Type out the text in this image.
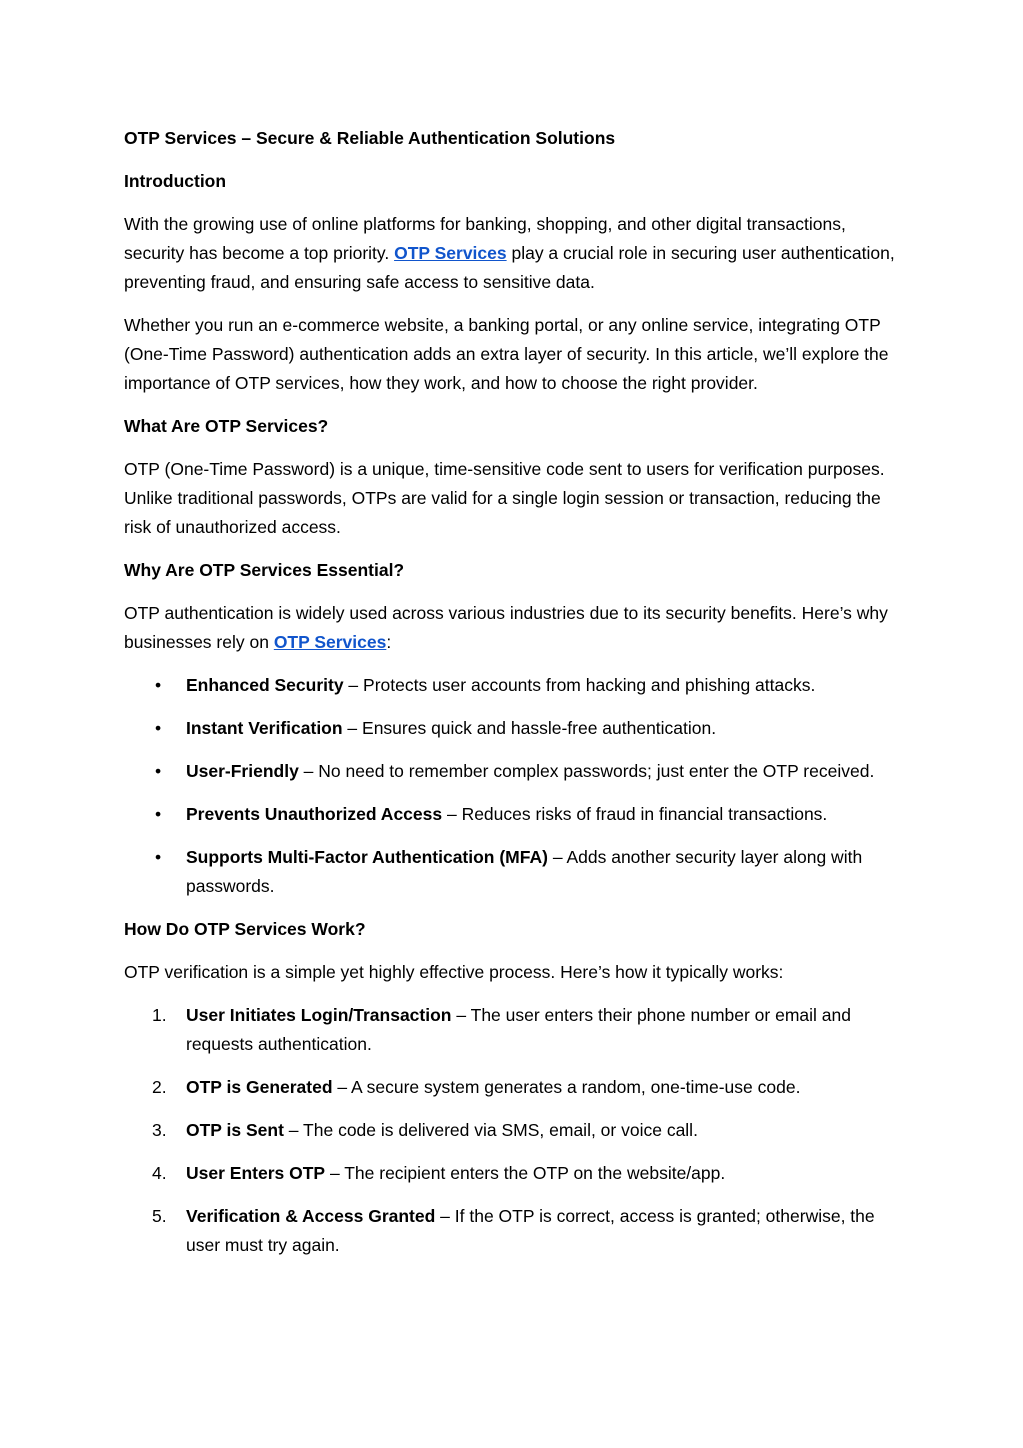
OTP Services – Secure & Reliable Authentication Solutions

Introduction

With the growing use of online platforms for banking, shopping, and other digital transactions, security has become a top priority. OTP Services play a crucial role in securing user authentication, preventing fraud, and ensuring safe access to sensitive data.

Whether you run an e-commerce website, a banking portal, or any online service, integrating OTP (One-Time Password) authentication adds an extra layer of security. In this article, we’ll explore the importance of OTP services, how they work, and how to choose the right provider.

What Are OTP Services?

OTP (One-Time Password) is a unique, time-sensitive code sent to users for verification purposes. Unlike traditional passwords, OTPs are valid for a single login session or transaction, reducing the risk of unauthorized access.

Why Are OTP Services Essential?

OTP authentication is widely used across various industries due to its security benefits. Here’s why businesses rely on OTP Services:

• Enhanced Security – Protects user accounts from hacking and phishing attacks.
• Instant Verification – Ensures quick and hassle-free authentication.
• User-Friendly – No need to remember complex passwords; just enter the OTP received.
• Prevents Unauthorized Access – Reduces risks of fraud in financial transactions.
• Supports Multi-Factor Authentication (MFA) – Adds another security layer along with passwords.

How Do OTP Services Work?

OTP verification is a simple yet highly effective process. Here’s how it typically works:

1. User Initiates Login/Transaction – The user enters their phone number or email and requests authentication.
2. OTP is Generated – A secure system generates a random, one-time-use code.
3. OTP is Sent – The code is delivered via SMS, email, or voice call.
4. User Enters OTP – The recipient enters the OTP on the website/app.
5. Verification & Access Granted – If the OTP is correct, access is granted; otherwise, the user must try again.
